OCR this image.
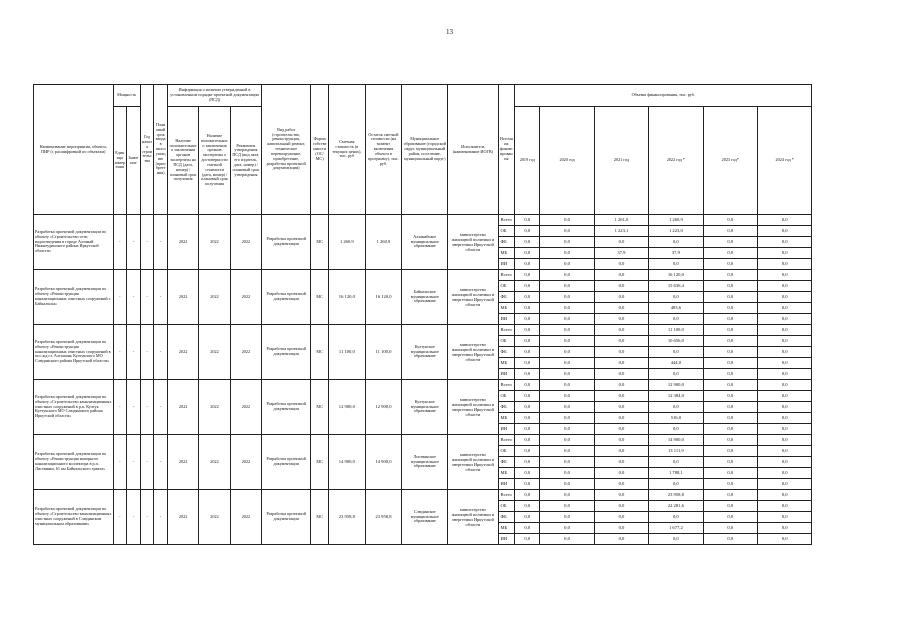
13
Наименование мероприятия, объекта, ПИР (с расшифровкой по объектам)	Мощность		Год начала строительства	Плановый срок ввода в эксплуатацию (приобретения)	Информация о наличии утвержденной в установленном порядке проектной документации (ПСД)			Вид работ (строительство, реконструкция, капитальный ремонт, техническое перевооружение, приобретение, разработка проектной документации)	Форма собственности (ОС/МС)	Сметная стоимость (в текущих ценах), тыс. руб	Остаток сметной стоимости (на момент включения объекта в программу), тыс. руб.	Муниципальное образование (городской округ, муниципальный район, поселение, муниципальный округ)	Исполнитель (наименование ИОГВ)	Источник финансирования	Объемы финансирования, тыс. руб.					
	Единица измерения	Значение			Наличие положительного заключения органов экспертизы на ПСД (дата, номер) / плановый срок получения	Наличие положительного заключения органов экспертизы о достоверности сметной стоимости (дата, номер) / плановый срок получения	Реквизиты утверждения ПСД (вид акта, его издатель, дата, номер) / плановый срок утверждения								2019 год	2020 год	2021 год	2022 год *	2023 год*	2024 год *
Разработка проектной документации по объекту «Строительство сети водоотведения в городе Алзамай Нижнеудинского района Иркутской области»	-	-	-	-	2022	2022	2022	Разработка проектной документации	МС	1 260,9	1 260,9	Алзамайское муниципальное образование	министерство жилищной политики и энергетики Иркутской области	Всего	0,0	0,0	1 261,0	1 260,9	0,0	0,0
														ОБ	0,0	0,0	1 223,1	1 223,0	0,0	0,0
														ФБ	0,0	0,0	0,0	0,0	0,0	0,0
														МБ	0,0	0,0	37,9	37,9	0,0	0,0
														ИИ	0,0	0,0	0,0	0,0	0,0	0,0
Разработка проектной документации по объекту «Реконструкция канализационных очистных сооружений г. Байкальска»	-	-	-	-	2022	2022	2022	Разработка проектной документации	МС	16 120,0	16 120,0	Байкальское муниципальное образование	министерство жилищной политики и энергетики Иркутской области	Всего	0,0	0,0	0,0	16 120,0	0,0	0,0
														ОБ	0,0	0,0	0,0	15 636,4	0,0	0,0
														ФБ	0,0	0,0	0,0	0,0	0,0	0,0
														МБ	0,0	0,0	0,0	483,6	0,0	0,0
														ИИ	0,0	0,0	0,0	0,0	0,0	0,0
Разработка проектной документации по объекту «Реконструкция канализационных очистных сооружений в пос.жд.ст. Алгашонь Култукского МО Слюдянского района Иркутской области»	-	-	-	-	2022	2022	2022	Разработка проектной документации	МС	11 100,0	11 100,0	Култукское муниципальное образование	министерство жилищной политики и энергетики Иркутской области	Всего	0,0	0,0	0,0	11 100,0	0,0	0,0
														ОБ	0,0	0,0	0,0	10 656,0	0,0	0,0
														ФБ	0,0	0,0	0,0	0,0	0,0	0,0
														МБ	0,0	0,0	0,0	444,0	0,0	0,0
														ИИ	0,0	0,0	0,0	0,0	0,0	0,0
Разработка проектной документации по объекту «Строительство канализационных очистных сооружений в р.п. Култук Култукского МО Слюдянского района Иркутской области»	-	-	-	-	2022	2022	2022	Разработка проектной документации	МС	12 900,0	12 900,0	Култукское муниципальное образование	министерство жилищной политики и энергетики Иркутской области	Всего	0,0	0,0	0,0	12 900,0	0,0	0,0
														ОБ	0,0	0,0	0,0	12 384,0	0,0	0,0
														ФБ	0,0	0,0	0,0	0,0	0,0	0,0
														МБ	0,0	0,0	0,0	516,0	0,0	0,0
														ИИ	0,0	0,0	0,0	0,0	0,0	0,0
Разработка проектной документации по объекту «Реконструкция напорного канализационного коллектора в р.п. Листвянка, 61 км Байкальского тракта»	-	-	-	-	2022	2022	2022	Разработка проектной документации	МС	14 900,0	14 900,0	Листвянское муниципальное образование	министерство жилищной политики и энергетики Иркутской области	Всего	0,0	0,0	0,0	14 900,0	0,0	0,0
														ОБ	0,0	0,0	0,0	13 111,9	0,0	0,0
														ФБ	0,0	0,0	0,0	0,0	0,0	0,0
														МБ	0,0	0,0	0,0	1 788,1	0,0	0,0
														ИИ	0,0	0,0	0,0	0,0	0,0	0,0
Разработка проектной документации по объекту «Строительство канализационных очистных сооружений в Слюдянском муниципальном образовании»	-	-	-	-	2022	2022	2022	Разработка проектной документации	МС	23 958,8	23 958,8	Слюдянское муниципальное образование	министерство жилищной политики и энергетики Иркутской области	Всего	0,0	0,0	0,0	23 958,8	0,0	0,0
														ОБ	0,0	0,0	0,0	22 281,6	0,0	0,0
														ФБ	0,0	0,0	0,0	0,0	0,0	0,0
														МБ	0,0	0,0	0,0	1 677,2	0,0	0,0
														ИИ	0,0	0,0	0,0	0,0	0,0	0,0
